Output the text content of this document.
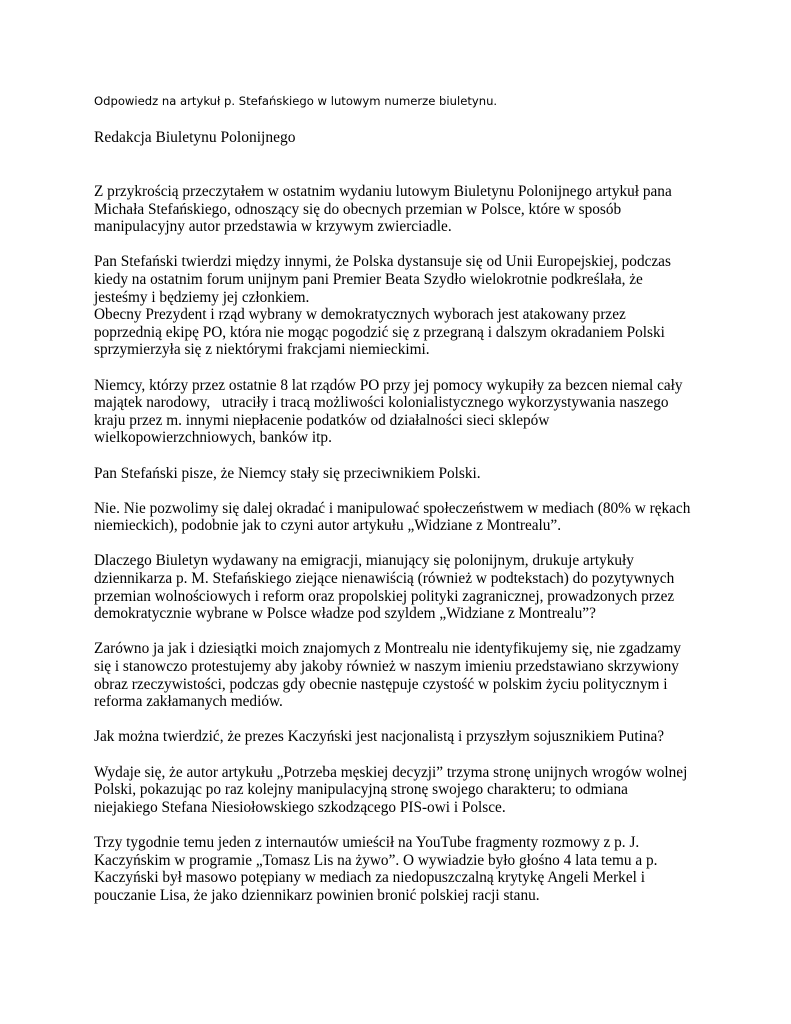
Odpowiedz na artykuł p. Stefańskiego w lutowym numerze biuletynu.

Redakcja Biuletynu Polonijnego

Z przykrością przeczytałem w ostatnim wydaniu lutowym Biuletynu Polonijnego artykuł pana
Michała Stefańskiego, odnoszący się do obecnych przemian w Polsce, które w sposób
manipulacyjny autor przedstawia w krzywym zwierciadle.

Pan Stefański twierdzi między innymi, że Polska dystansuje się od Unii Europejskiej, podczas
kiedy na ostatnim forum unijnym pani Premier Beata Szydło wielokrotnie podkreślała, że
jesteśmy i będziemy jej członkiem.
Obecny Prezydent i rząd wybrany w demokratycznych wyborach jest atakowany przez
poprzednią ekipę PO, która nie mogąc pogodzić się z przegraną i dalszym okradaniem Polski
sprzymierzyła się z niektórymi frakcjami niemieckimi.

Niemcy, którzy przez ostatnie 8 lat rządów PO przy jej pomocy wykupiły za bezcen niemal cały
majątek narodowy,   utraciły i tracą możliwości kolonialistycznego wykorzystywania naszego
kraju przez m. innymi niepłacenie podatków od działalności sieci sklepów
wielkopowierzchniowych, banków itp.

Pan Stefański pisze, że Niemcy stały się przeciwnikiem Polski.

Nie. Nie pozwolimy się dalej okradać i manipulować społeczeństwem w mediach (80% w rękach
niemieckich), podobnie jak to czyni autor artykułu „Widziane z Montrealu”.

Dlaczego Biuletyn wydawany na emigracji, mianujący się polonijnym, drukuje artykuły
dziennikarza p. M. Stefańskiego ziejące nienawiścią (również w podtekstach) do pozytywnych
przemian wolnościowych i reform oraz propolskiej polityki zagranicznej, prowadzonych przez
demokratycznie wybrane w Polsce władze pod szyldem „Widziane z Montrealu”?

Zarówno ja jak i dziesiątki moich znajomych z Montrealu nie identyfikujemy się, nie zgadzamy
się i stanowczo protestujemy aby jakoby również w naszym imieniu przedstawiano skrzywiony
obraz rzeczywistości, podczas gdy obecnie następuje czystość w polskim życiu politycznym i
reforma zakłamanych mediów.

Jak można twierdzić, że prezes Kaczyński jest nacjonalistą i przyszłym sojusznikiem Putina?

Wydaje się, że autor artykułu „Potrzeba męskiej decyzji” trzyma stronę unijnych wrogów wolnej
Polski, pokazując po raz kolejny manipulacyjną stronę swojego charakteru; to odmiana
niejakiego Stefana Niesiołowskiego szkodzącego PIS-owi i Polsce.

Trzy tygodnie temu jeden z internautów umieścił na YouTube fragmenty rozmowy z p. J.
Kaczyńskim w programie „Tomasz Lis na żywo”. O wywiadzie było głośno 4 lata temu a p.
Kaczyński był masowo potępiany w mediach za niedopuszczalną krytykę Angeli Merkel i
pouczanie Lisa, że jako dziennikarz powinien bronić polskiej racji stanu.
